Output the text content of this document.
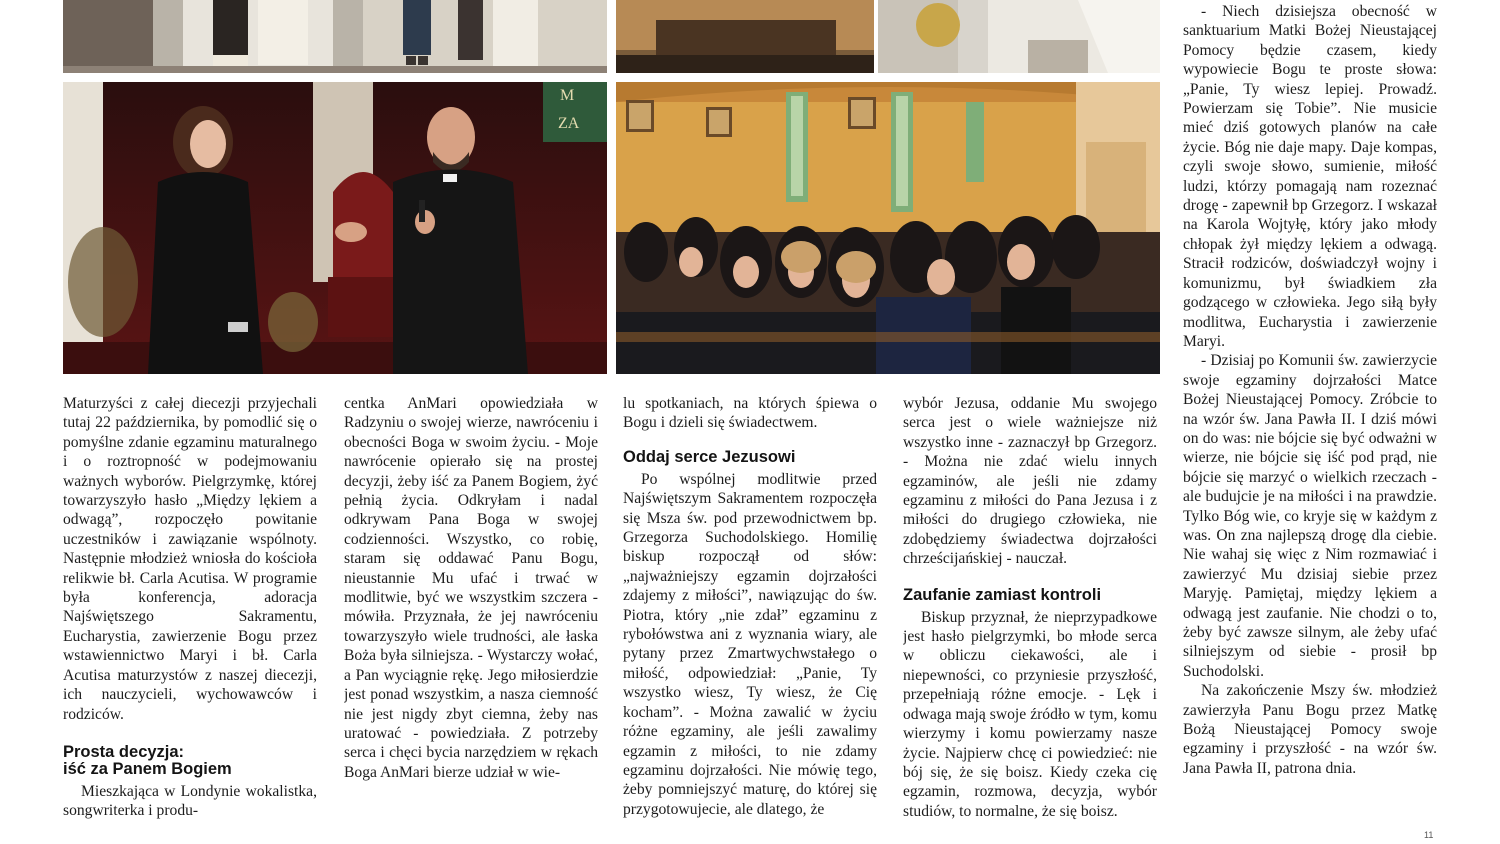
M
ZA

- Niech dzisiejsza obecność w sanktuarium Matki Bożej Nieustającej Pomocy będzie czasem, kiedy wypowiecie Bogu te proste słowa: „Panie, Ty wiesz lepiej. Prowadź. Powierzam się Tobie”. Nie musicie mieć dziś gotowych planów na całe życie. Bóg nie daje mapy. Daje kompas, czyli swoje słowo, sumienie, miłość ludzi, którzy pomagają nam rozeznać drogę - zapewnił bp Grzegorz. I wskazał na Karola Wojtyłę, który jako młody chłopak żył między lękiem a odwagą. Stracił rodziców, doświadczył wojny i komunizmu, był świadkiem zła godzącego w człowieka. Jego siłą były modlitwa, Eucharystia i zawierzenie Maryi.

- Dzisiaj po Komunii św. zawierzycie swoje egzaminy dojrzałości Matce Bożej Nieustającej Pomocy. Zróbcie to na wzór św. Jana Pawła II. I dziś mówi on do was: nie bójcie się być odważni w wierze, nie bójcie się iść pod prąd, nie bójcie się marzyć o wielkich rzeczach - ale budujcie je na miłości i na prawdzie. Tylko Bóg wie, co kryje się w każdym z was. On zna najlepszą drogę dla ciebie. Nie wahaj się więc z Nim rozmawiać i zawierzyć Mu dzisiaj siebie przez Maryję. Pamiętaj, między lękiem a odwagą jest zaufanie. Nie chodzi o to, żeby być zawsze silnym, ale żeby ufać silniejszym od siebie - prosił bp Suchodolski.

Na zakończenie Mszy św. młodzież zawierzyła Panu Bogu przez Matkę Bożą Nieustającej Pomocy swoje egzaminy i przyszłość - na wzór św. Jana Pawła II, patrona dnia.

Maturzyści z całej diecezji przyjechali tutaj 22 października, by pomodlić się o pomyślne zdanie egzaminu maturalnego i o roztropność w podejmowaniu ważnych wyborów. Pielgrzymkę, której towarzyszyło hasło „Między lękiem a odwagą”, rozpoczęło powitanie uczestników i zawiązanie wspólnoty. Następnie młodzież wniosła do kościoła relikwie bł. Carla Acutisa. W programie była konferencja, adoracja Najświętszego Sakramentu, Eucharystia, zawierzenie Bogu przez wstawiennictwo Maryi i bł. Carla Acutisa maturzystów z naszej diecezji, ich nauczycieli, wychowawców i rodziców.

Prosta decyzja:
iść za Panem Bogiem

Mieszkająca w Londynie wokalistka, songwriterka i produ-

centka AnMari opowiedziała w Radzyniu o swojej wierze, nawróceniu i obecności Boga w swoim życiu. - Moje nawrócenie opierało się na prostej decyzji, żeby iść za Panem Bogiem, żyć pełnią życia. Odkryłam i nadal odkrywam Pana Boga w swojej codzienności. Wszystko, co robię, staram się oddawać Panu Bogu, nieustannie Mu ufać i trwać w modlitwie, być we wszystkim szczera - mówiła. Przyznała, że jej nawróceniu towarzyszyło wiele trudności, ale łaska Boża była silniejsza. - Wystarczy wołać, a Pan wyciągnie rękę. Jego miłosierdzie jest ponad wszystkim, a nasza ciemność nie jest nigdy zbyt ciemna, żeby nas uratować - powiedziała. Z potrzeby serca i chęci bycia narzędziem w rękach Boga AnMari bierze udział w wie-

lu spotkaniach, na których śpiewa o Bogu i dzieli się świadectwem.

Oddaj serce Jezusowi

Po wspólnej modlitwie przed Najświętszym Sakramentem rozpoczęła się Msza św. pod przewodnictwem bp. Grzegorza Suchodolskiego. Homilię biskup rozpoczął od słów: „najważniejszy egzamin dojrzałości zdajemy z miłości”, nawiązując do św. Piotra, który „nie zdał” egzaminu z rybołówstwa ani z wyznania wiary, ale pytany przez Zmartwychwstałego o miłość, odpowiedział: „Panie, Ty wszystko wiesz, Ty wiesz, że Cię kocham”. - Można zawalić w życiu różne egzaminy, ale jeśli zawalimy egzamin z miłości, to nie zdamy egzaminu dojrzałości. Nie mówię tego, żeby pomniejszyć maturę, do której się przygotowujecie, ale dlatego, że

wybór Jezusa, oddanie Mu swojego serca jest o wiele ważniejsze niż wszystko inne - zaznaczył bp Grzegorz. - Można nie zdać wielu innych egzaminów, ale jeśli nie zdamy egzaminu z miłości do Pana Jezusa i z miłości do drugiego człowieka, nie zdobędziemy świadectwa dojrzałości chrześcijańskiej - nauczał.

Zaufanie zamiast kontroli

Biskup przyznał, że nieprzypadkowe jest hasło pielgrzymki, bo młode serca w obliczu ciekawości, ale i niepewności, co przyniesie przyszłość, przepełniają różne emocje. - Lęk i odwaga mają swoje źródło w tym, komu wierzymy i komu powierzamy nasze życie. Najpierw chcę ci powiedzieć: nie bój się, że się boisz. Kiedy czeka cię egzamin, rozmowa, decyzja, wybór studiów, to normalne, że się boisz.

11
